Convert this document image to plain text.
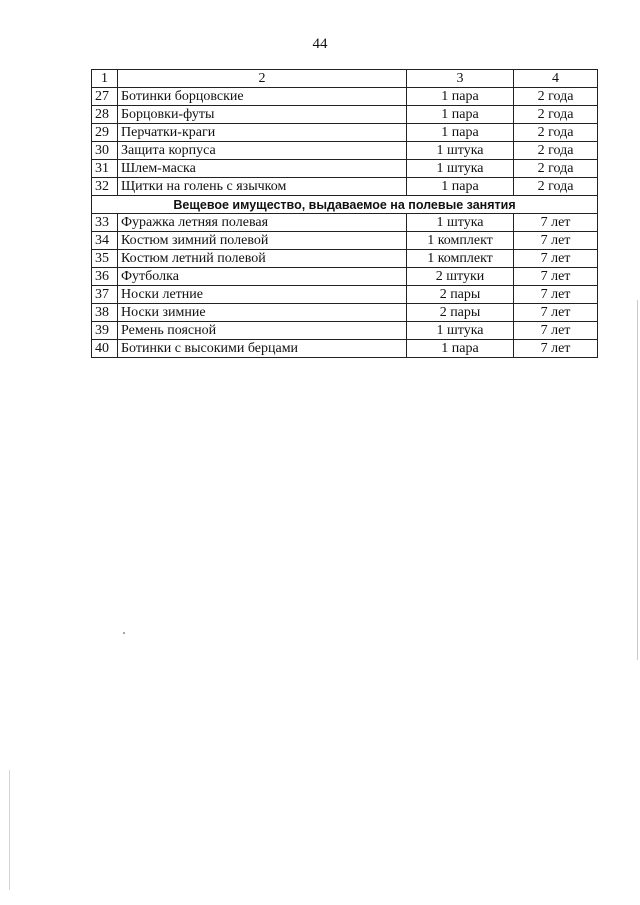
44
1	2	3	4
27	Ботинки борцовские	1 пара	2 года
28	Борцовки-футы	1 пара	2 года
29	Перчатки-краги	1 пара	2 года
30	Защита корпуса	1 штука	2 года
31	Шлем-маска	1 штука	2 года
32	Щитки на голень с язычком	1 пара	2 года
Вещевое имущество, выдаваемое на полевые занятия			
33	Фуражка летняя полевая	1 штука	7 лет
34	Костюм зимний полевой	1 комплект	7 лет
35	Костюм летний полевой	1 комплект	7 лет
36	Футболка	2 штуки	7 лет
37	Носки летние	2 пары	7 лет
38	Носки зимние	2 пары	7 лет
39	Ремень поясной	1 штука	7 лет
40	Ботинки с высокими берцами	1 пара	7 лет
